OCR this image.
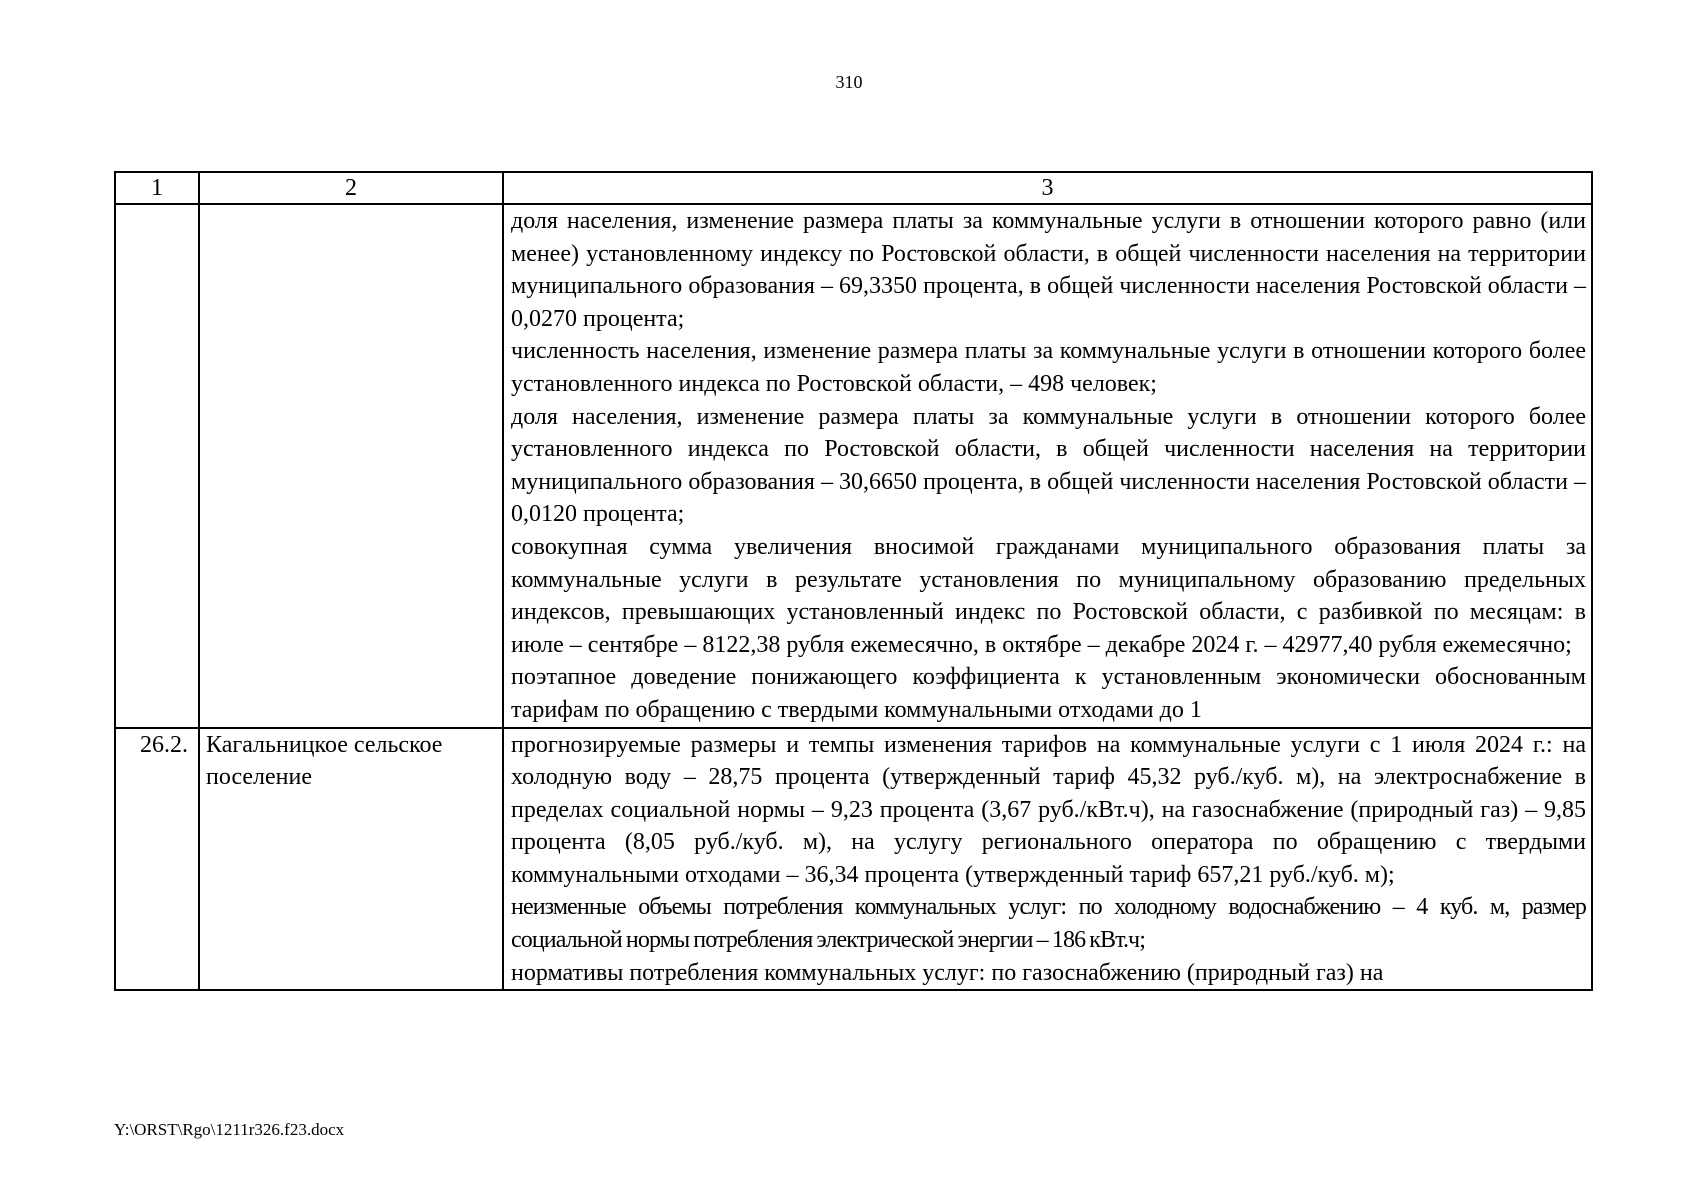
310
1	2	3

		доля населения, изменение размера платы за коммунальные услуги в отношении которого равно (или менее) установленному индексу по Ростовской области, в общей численности населения на территории муниципального образования – 69,3350 процента, в общей численности населения Ростовской области – 0,0270 процента;

численность населения, изменение размера платы за коммунальные услуги в отношении которого более установленного индекса по Ростовской области, – 498 человек;

доля населения, изменение размера платы за коммунальные услуги в отношении которого более установленного индекса по Ростовской области, в общей численности населения на территории муниципального образования – 30,6650 процента, в общей численности населения Ростовской области – 0,0120 процента;

совокупная сумма увеличения вносимой гражданами муниципального образования платы за коммунальные услуги в результате установления по муниципальному образованию предельных индексов, превышающих установленный индекс по Ростовской области, с разбивкой по месяцам: в июле – сентябре – 8122,38 рубля ежемесячно, в октябре – декабре 2024 г. – 42977,40 рубля ежемесячно;

поэтапное доведение понижающего коэффициента к установленным экономически обоснованным тарифам по обращению с твердыми коммунальными отходами до 1

26.2.	Кагальницкое сельское поселение	прогнозируемые размеры и темпы изменения тарифов на коммунальные услуги с 1 июля 2024 г.: на холодную воду – 28,75 процента (утвержденный тариф 45,32 руб./куб. м), на электроснабжение в пределах социальной нормы – 9,23 процента (3,67 руб./кВт.ч), на газоснабжение (природный газ) – 9,85 процента (8,05 руб./куб. м), на услугу регионального оператора по обращению с твердыми коммунальными отходами – 36,34 процента (утвержденный тариф 657,21 руб./куб. м);

неизменные объемы потребления коммунальных услуг: по холодному водоснабжению – 4 куб. м, размер социальной нормы потребления электрической энергии – 186 кВт.ч;

нормативы потребления коммунальных услуг: по газоснабжению (природный газ) на

Y:\ORST\Rgo\1211r326.f23.docx
